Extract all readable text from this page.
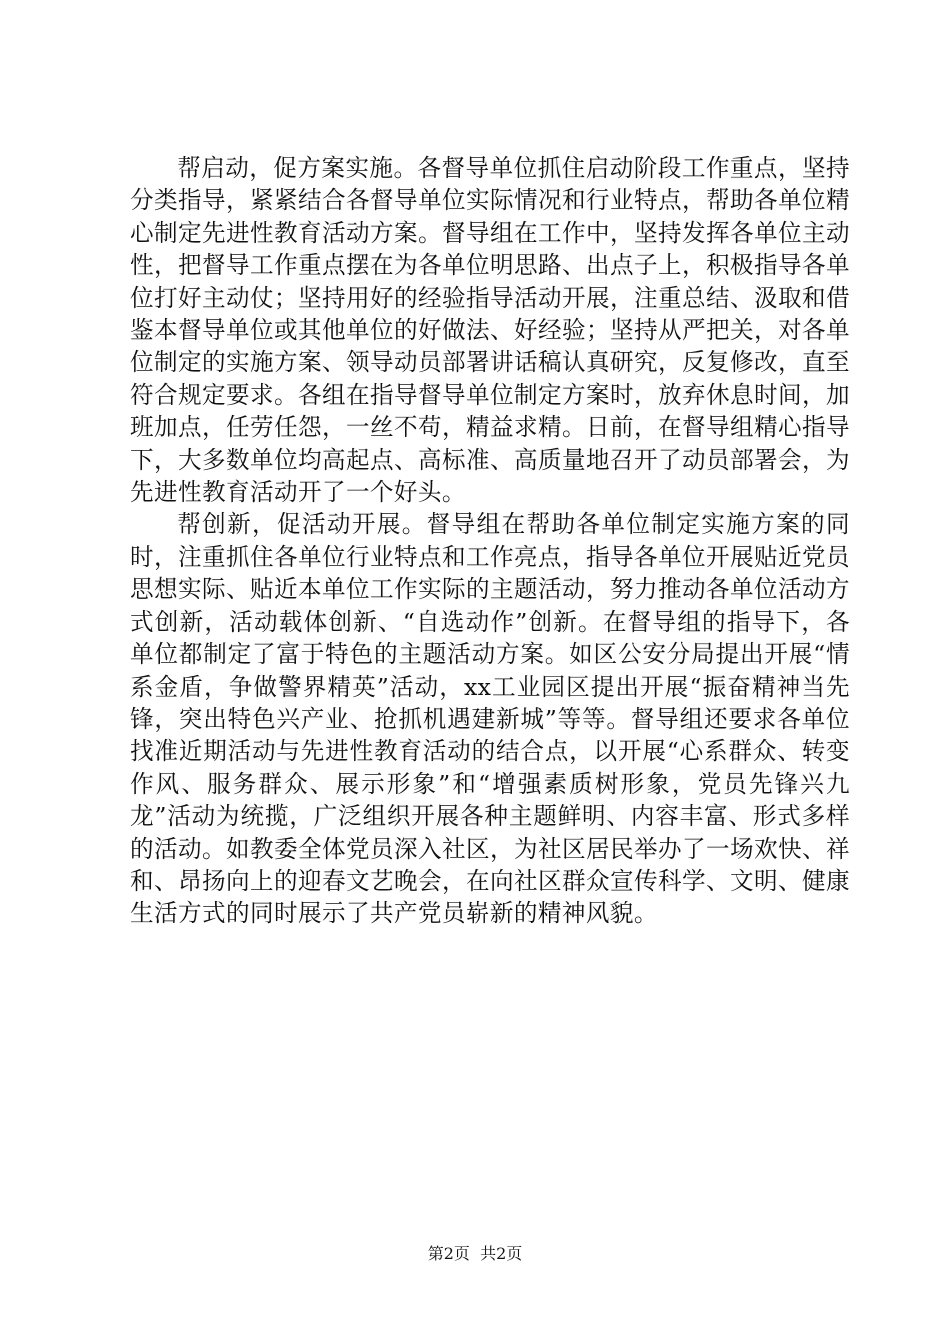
帮启动，促方案实施。各督导单位抓住启动阶段工作重点，坚持分类指导，紧紧结合各督导单位实际情况和行业特点，帮助各单位精心制定先进性教育活动方案。督导组在工作中，坚持发挥各单位主动性，把督导工作重点摆在为各单位明思路、出点子上，积极指导各单位打好主动仗；坚持用好的经验指导活动开展，注重总结、汲取和借鉴本督导单位或其他单位的好做法、好经验；坚持从严把关，对各单位制定的实施方案、领导动员部署讲话稿认真研究，反复修改，直至符合规定要求。各组在指导督导单位制定方案时，放弃休息时间，加班加点，任劳任怨，一丝不苟，精益求精。日前，在督导组精心指导下，大多数单位均高起点、高标准、高质量地召开了动员部署会，为先进性教育活动开了一个好头。

帮创新，促活动开展。督导组在帮助各单位制定实施方案的同时，注重抓住各单位行业特点和工作亮点，指导各单位开展贴近党员思想实际、贴近本单位工作实际的主题活动，努力推动各单位活动方式创新，活动载体创新、“自选动作”创新。在督导组的指导下，各单位都制定了富于特色的主题活动方案。如区公安分局提出开展“情系金盾，争做警界精英”活动，xx工业园区提出开展“振奋精神当先锋，突出特色兴产业、抢抓机遇建新城”等等。督导组还要求各单位找准近期活动与先进性教育活动的结合点，以开展“心系群众、转变作风、服务群众、展示形象”和“增强素质树形象，党员先锋兴九龙”活动为统揽，广泛组织开展各种主题鲜明、内容丰富、形式多样的活动。如教委全体党员深入社区，为社区居民举办了一场欢快、祥和、昂扬向上的迎春文艺晚会，在向社区群众宣传科学、文明、健康生活方式的同时展示了共产党员崭新的精神风貌。

第2页  共2页
